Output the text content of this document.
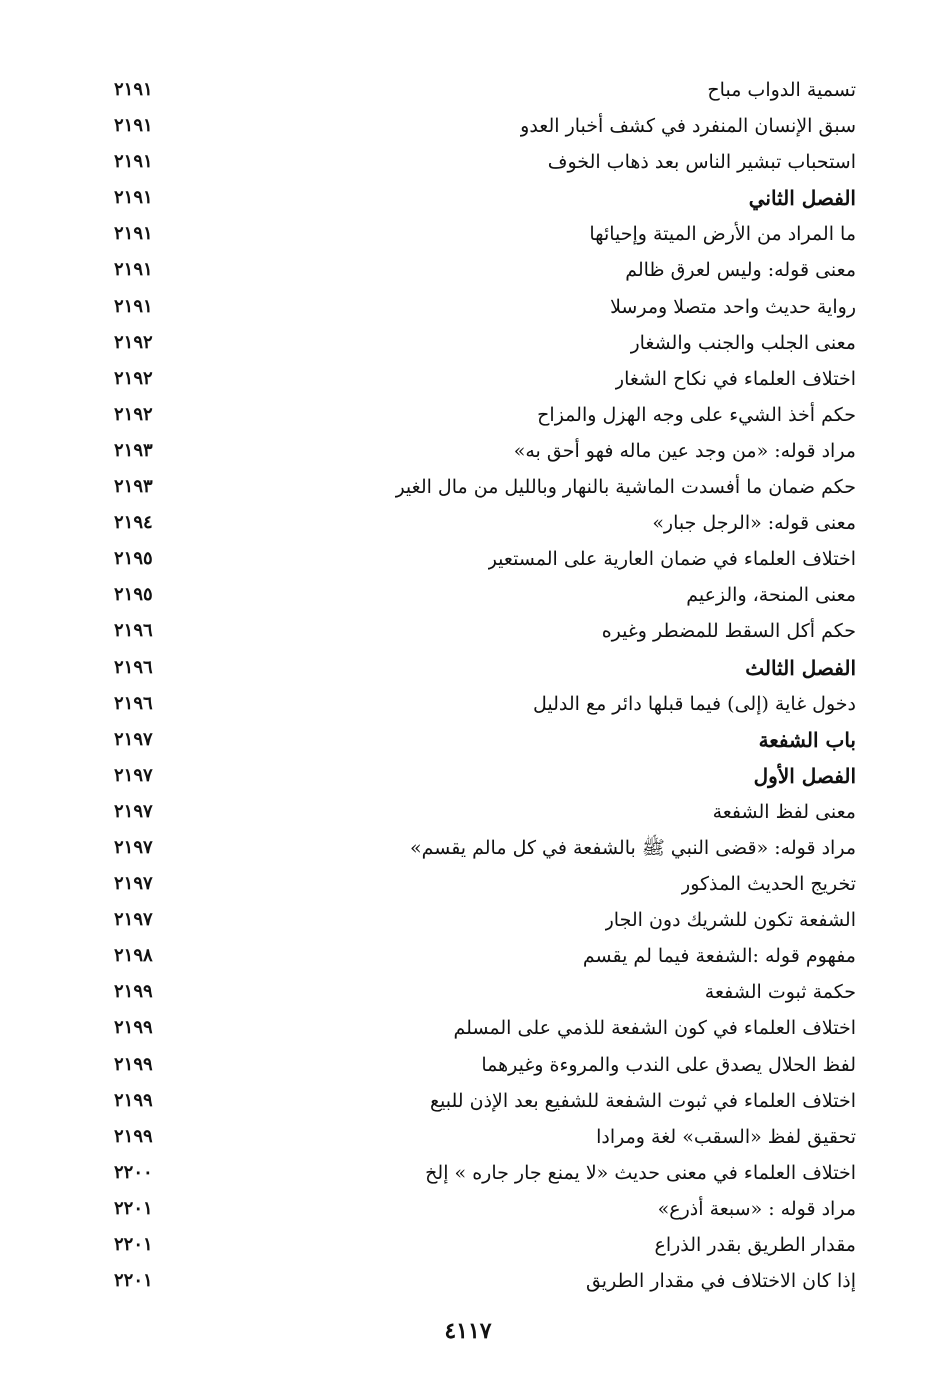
تسمية الدواب مباح
٢١٩١
سبق الإنسان المنفرد في كشف أخبار العدو
٢١٩١
استحباب تبشير الناس بعد ذهاب الخوف
٢١٩١
الفصل الثاني
٢١٩١
ما المراد من الأرض الميتة وإحيائها
٢١٩١
معنى قوله: وليس لعرق ظالم
٢١٩١
رواية حديث واحد متصلا ومرسلا
٢١٩١
معنى الجلب والجنب والشغار
٢١٩٢
اختلاف العلماء في نكاح الشغار
٢١٩٢
حكم أخذ الشيء على وجه الهزل والمزاح
٢١٩٢
مراد قوله: «من وجد عين ماله فهو أحق به»
٢١٩٣
حكم ضمان ما أفسدت الماشية بالنهار وبالليل من مال الغير
٢١٩٣
معنى قوله: «الرجل جبار»
٢١٩٤
اختلاف العلماء في ضمان العارية على المستعير
٢١٩٥
معنى المنحة، والزعيم
٢١٩٥
حكم أكل السقط للمضطر وغيره
٢١٩٦
الفصل الثالث
٢١٩٦
دخول غاية (إلى) فيما قبلها دائر مع الدليل
٢١٩٦
باب الشفعة
٢١٩٧
الفصل الأول
٢١٩٧
معنى لفظ الشفعة
٢١٩٧
مراد قوله: «قضى النبي ﷺ بالشفعة في كل مالم يقسم»
٢١٩٧
تخريج الحديث المذكور
٢١٩٧
الشفعة تكون للشريك دون الجار
٢١٩٧
مفهوم قوله :الشفعة فيما لم يقسم
٢١٩٨
حكمة ثبوت الشفعة
٢١٩٩
اختلاف العلماء في كون الشفعة للذمي على المسلم
٢١٩٩
لفظ الحلال يصدق على الندب والمروءة وغيرهما
٢١٩٩
اختلاف العلماء في ثبوت الشفعة للشفيع بعد الإذن للبيع
٢١٩٩
تحقيق لفظ «السقب» لغة ومرادا
٢١٩٩
اختلاف العلماء في معنى حديث «لا يمنع جار جاره » إلخ
٢٢٠٠
مراد قوله : «سبعة أذرع»
٢٢٠١
مقدار الطريق بقدر الذراع
٢٢٠١
إذا كان الاختلاف في مقدار الطريق
٢٢٠١
٤١١٧
